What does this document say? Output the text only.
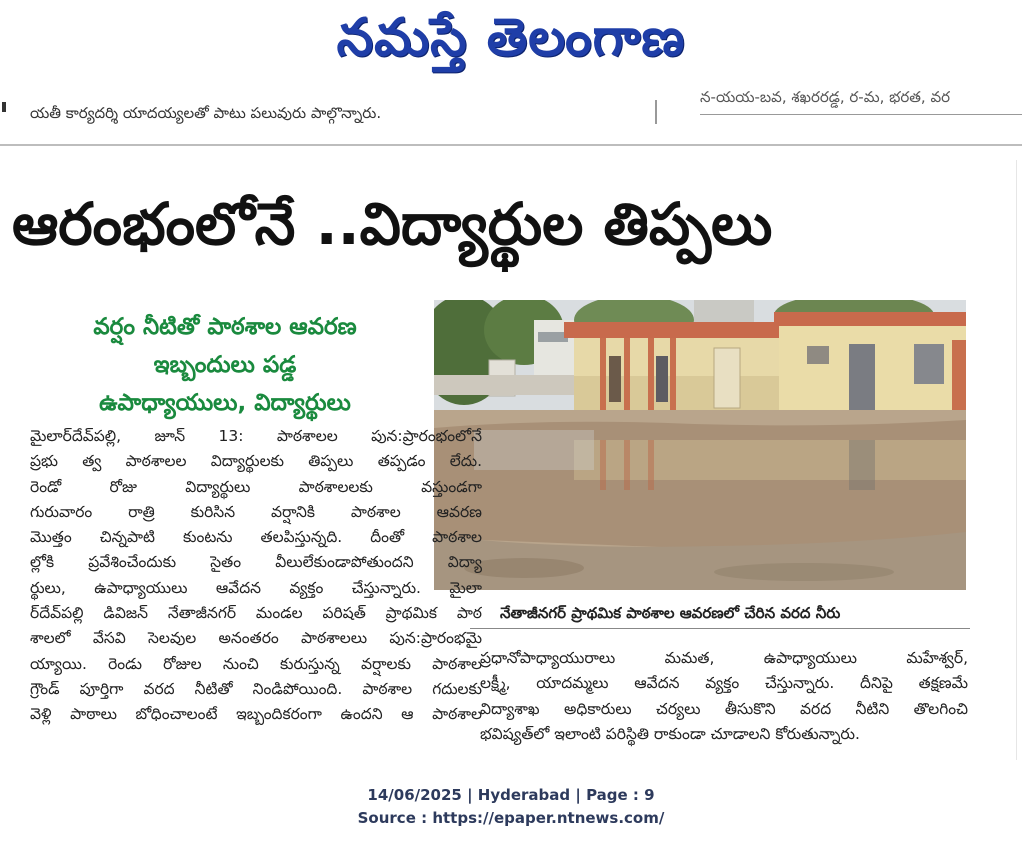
నమస్తే తెలంగాణ
యతీ కార్యదర్శి యాదయ్యలతో పాటు పలువురు పాల్గొన్నారు.
న-యయ-బవ, శఖరరడ్డ, ర-మ, భరత, వర
ఆరంభంలోనే ..విద్యార్థుల తిప్పలు
వర్షం నీటితో పాఠశాల ఆవరణ
ఇబ్బందులు పడ్డ
ఉపాధ్యాయులు, విద్యార్థులు
నేతాజీనగర్ ప్రాథమిక పాఠశాల ఆవరణలో చేరిన వరద నీరు
మైలార్‌దేవ్‌పల్లి, జూన్ 13: పాఠశాలల పున:ప్రారంభంలోనే
ప్రభు త్వ పాఠశాలల విద్యార్థులకు తిప్పలు తప్పడం లేదు.
రెండో రోజు విద్యార్థులు పాఠశాలలకు వస్తుండగా
గురువారం రాత్రి కురిసిన వర్షానికి పాఠశాల ఆవరణ
మొత్తం చిన్నపాటి కుంటను తలపిస్తున్నది. దీంతో పాఠశాల
ల్లోకి ప్రవేశించేందుకు సైతం వీలులేకుండాపోతుందని విద్యా
ర్థులు, ఉపాధ్యాయులు ఆవేదన వ్యక్తం చేస్తున్నారు. మైలా
ర్‌దేవ్‌పల్లి డివిజన్ నేతాజీనగర్ మండల పరిషత్ ప్రాథమిక పాఠ
శాలలో వేసవి సెలవుల అనంతరం పాఠశాలలు పున:ప్రారంభమై
య్యాయి. రెండు రోజుల నుంచి కురుస్తున్న వర్షాలకు పాఠశాల
గ్రౌండ్ పూర్తిగా వరద నీటితో నిండిపోయింది. పాఠశాల గదులకు
వెళ్లి పాఠాలు బోధించాలంటే ఇబ్బందికరంగా ఉందని ఆ పాఠశాల
ప్రధానోపాధ్యాయురాలు మమత, ఉపాధ్యాయులు మహేశ్వర్,
లక్ష్మీ, యాదమ్మలు ఆవేదన వ్యక్తం చేస్తున్నారు. దీనిపై తక్షణమే
విద్యాశాఖ అధికారులు చర్యలు తీసుకొని వరద నీటిని తొలగించి
భవిష్యత్‌లో ఇలాంటి పరిస్థితి రాకుండా చూడాలని కోరుతున్నారు.
14/06/2025 | Hyderabad | Page : 9
Source : https://epaper.ntnews.com/
